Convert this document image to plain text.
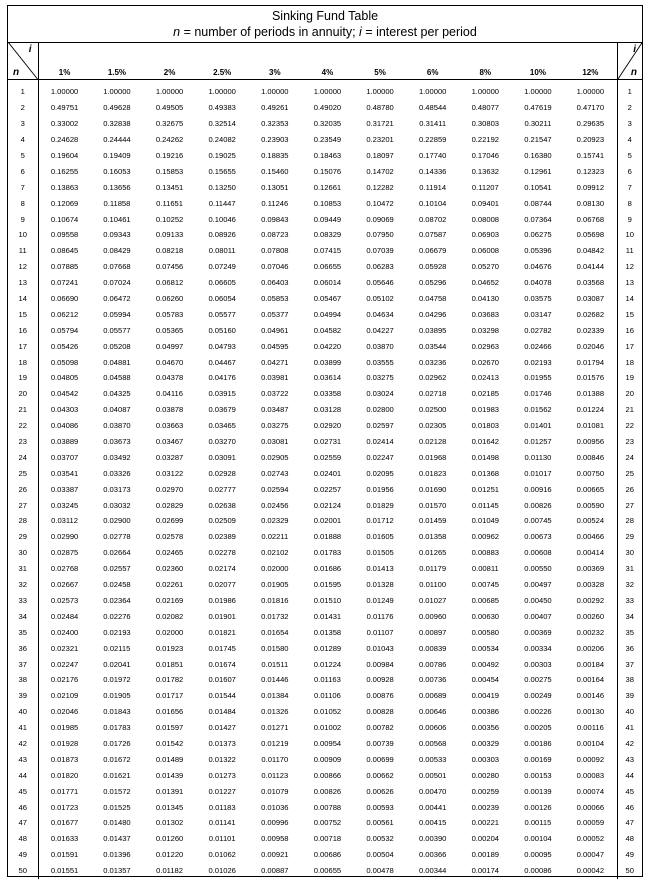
Sinking Fund Table
n = number of periods in annuity; i = interest per period
i
n	1%	1.5%	2%	2.5%	3%	4%	5%	6%	8%	10%	12%	i
n

1	1.00000	1.00000	1.00000	1.00000	1.00000	1.00000	1.00000	1.00000	1.00000	1.00000	1.00000	1
2	0.49751	0.49628	0.49505	0.49383	0.49261	0.49020	0.48780	0.48544	0.48077	0.47619	0.47170	2
3	0.33002	0.32838	0.32675	0.32514	0.32353	0.32035	0.31721	0.31411	0.30803	0.30211	0.29635	3
4	0.24628	0.24444	0.24262	0.24082	0.23903	0.23549	0.23201	0.22859	0.22192	0.21547	0.20923	4
5	0.19604	0.19409	0.19216	0.19025	0.18835	0.18463	0.18097	0.17740	0.17046	0.16380	0.15741	5
6	0.16255	0.16053	0.15853	0.15655	0.15460	0.15076	0.14702	0.14336	0.13632	0.12961	0.12323	6
7	0.13863	0.13656	0.13451	0.13250	0.13051	0.12661	0.12282	0.11914	0.11207	0.10541	0.09912	7
8	0.12069	0.11858	0.11651	0.11447	0.11246	0.10853	0.10472	0.10104	0.09401	0.08744	0.08130	8
9	0.10674	0.10461	0.10252	0.10046	0.09843	0.09449	0.09069	0.08702	0.08008	0.07364	0.06768	9
10	0.09558	0.09343	0.09133	0.08926	0.08723	0.08329	0.07950	0.07587	0.06903	0.06275	0.05698	10
11	0.08645	0.08429	0.08218	0.08011	0.07808	0.07415	0.07039	0.06679	0.06008	0.05396	0.04842	11
12	0.07885	0.07668	0.07456	0.07249	0.07046	0.06655	0.06283	0.05928	0.05270	0.04676	0.04144	12
13	0.07241	0.07024	0.06812	0.06605	0.06403	0.06014	0.05646	0.05296	0.04652	0.04078	0.03568	13
14	0.06690	0.06472	0.06260	0.06054	0.05853	0.05467	0.05102	0.04758	0.04130	0.03575	0.03087	14
15	0.06212	0.05994	0.05783	0.05577	0.05377	0.04994	0.04634	0.04296	0.03683	0.03147	0.02682	15
16	0.05794	0.05577	0.05365	0.05160	0.04961	0.04582	0.04227	0.03895	0.03298	0.02782	0.02339	16
17	0.05426	0.05208	0.04997	0.04793	0.04595	0.04220	0.03870	0.03544	0.02963	0.02466	0.02046	17
18	0.05098	0.04881	0.04670	0.04467	0.04271	0.03899	0.03555	0.03236	0.02670	0.02193	0.01794	18
19	0.04805	0.04588	0.04378	0.04176	0.03981	0.03614	0.03275	0.02962	0.02413	0.01955	0.01576	19
20	0.04542	0.04325	0.04116	0.03915	0.03722	0.03358	0.03024	0.02718	0.02185	0.01746	0.01388	20
21	0.04303	0.04087	0.03878	0.03679	0.03487	0.03128	0.02800	0.02500	0.01983	0.01562	0.01224	21
22	0.04086	0.03870	0.03663	0.03465	0.03275	0.02920	0.02597	0.02305	0.01803	0.01401	0.01081	22
23	0.03889	0.03673	0.03467	0.03270	0.03081	0.02731	0.02414	0.02128	0.01642	0.01257	0.00956	23
24	0.03707	0.03492	0.03287	0.03091	0.02905	0.02559	0.02247	0.01968	0.01498	0.01130	0.00846	24
25	0.03541	0.03326	0.03122	0.02928	0.02743	0.02401	0.02095	0.01823	0.01368	0.01017	0.00750	25
26	0.03387	0.03173	0.02970	0.02777	0.02594	0.02257	0.01956	0.01690	0.01251	0.00916	0.00665	26
27	0.03245	0.03032	0.02829	0.02638	0.02456	0.02124	0.01829	0.01570	0.01145	0.00826	0.00590	27
28	0.03112	0.02900	0.02699	0.02509	0.02329	0.02001	0.01712	0.01459	0.01049	0.00745	0.00524	28
29	0.02990	0.02778	0.02578	0.02389	0.02211	0.01888	0.01605	0.01358	0.00962	0.00673	0.00466	29
30	0.02875	0.02664	0.02465	0.02278	0.02102	0.01783	0.01505	0.01265	0.00883	0.00608	0.00414	30
31	0.02768	0.02557	0.02360	0.02174	0.02000	0.01686	0.01413	0.01179	0.00811	0.00550	0.00369	31
32	0.02667	0.02458	0.02261	0.02077	0.01905	0.01595	0.01328	0.01100	0.00745	0.00497	0.00328	32
33	0.02573	0.02364	0.02169	0.01986	0.01816	0.01510	0.01249	0.01027	0.00685	0.00450	0.00292	33
34	0.02484	0.02276	0.02082	0.01901	0.01732	0.01431	0.01176	0.00960	0.00630	0.00407	0.00260	34
35	0.02400	0.02193	0.02000	0.01821	0.01654	0.01358	0.01107	0.00897	0.00580	0.00369	0.00232	35
36	0.02321	0.02115	0.01923	0.01745	0.01580	0.01289	0.01043	0.00839	0.00534	0.00334	0.00206	36
37	0.02247	0.02041	0.01851	0.01674	0.01511	0.01224	0.00984	0.00786	0.00492	0.00303	0.00184	37
38	0.02176	0.01972	0.01782	0.01607	0.01446	0.01163	0.00928	0.00736	0.00454	0.00275	0.00164	38
39	0.02109	0.01905	0.01717	0.01544	0.01384	0.01106	0.00876	0.00689	0.00419	0.00249	0.00146	39
40	0.02046	0.01843	0.01656	0.01484	0.01326	0.01052	0.00828	0.00646	0.00386	0.00226	0.00130	40
41	0.01985	0.01783	0.01597	0.01427	0.01271	0.01002	0.00782	0.00606	0.00356	0.00205	0.00116	41
42	0.01928	0.01726	0.01542	0.01373	0.01219	0.00954	0.00739	0.00568	0.00329	0.00186	0.00104	42
43	0.01873	0.01672	0.01489	0.01322	0.01170	0.00909	0.00699	0.00533	0.00303	0.00169	0.00092	43
44	0.01820	0.01621	0.01439	0.01273	0.01123	0.00866	0.00662	0.00501	0.00280	0.00153	0.00083	44
45	0.01771	0.01572	0.01391	0.01227	0.01079	0.00826	0.00626	0.00470	0.00259	0.00139	0.00074	45
46	0.01723	0.01525	0.01345	0.01183	0.01036	0.00788	0.00593	0.00441	0.00239	0.00126	0.00066	46
47	0.01677	0.01480	0.01302	0.01141	0.00996	0.00752	0.00561	0.00415	0.00221	0.00115	0.00059	47
48	0.01633	0.01437	0.01260	0.01101	0.00958	0.00718	0.00532	0.00390	0.00204	0.00104	0.00052	48
49	0.01591	0.01396	0.01220	0.01062	0.00921	0.00686	0.00504	0.00366	0.00189	0.00095	0.00047	49
50	0.01551	0.01357	0.01182	0.01026	0.00887	0.00655	0.00478	0.00344	0.00174	0.00086	0.00042	50
